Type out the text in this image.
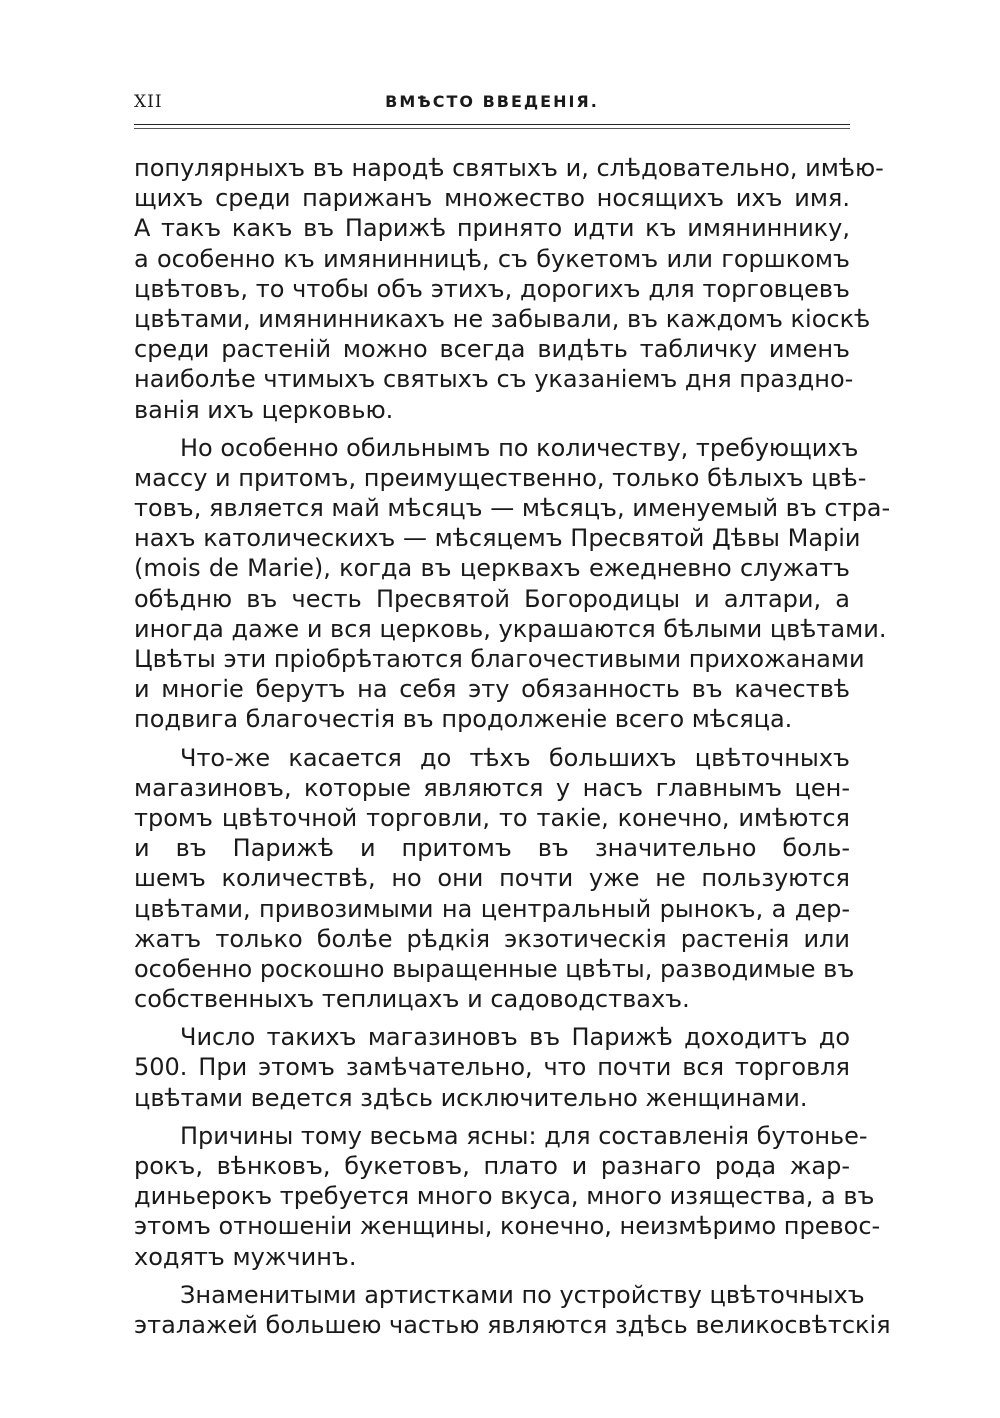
XII	ВМѢСТО ВВЕДЕНІЯ.
популярныхъ въ народѣ святыхъ и, слѣдовательно, имѣю-
щихъ среди парижанъ множество носящихъ ихъ имя.
А такъ какъ въ Парижѣ принято идти къ имяниннику,
а особенно къ имянинницѣ, съ букетомъ или горшкомъ
цвѣтовъ, то чтобы объ этихъ, дорогихъ для торговцевъ
цвѣтами, имянинникахъ не забывали, въ каждомъ кіоскѣ
среди растеній можно всегда видѣть табличку именъ
наиболѣе чтимыхъ святыхъ съ указаніемъ дня праздно-
ванія ихъ церковью.
Но особенно обильнымъ по количеству, требующихъ
массу и притомъ, преимущественно, только бѣлыхъ цвѣ-
товъ, является май мѣсяцъ — мѣсяцъ, именуемый въ стра-
нахъ католическихъ — мѣсяцемъ Пресвятой Дѣвы Маріи
(mois de Marie), когда въ церквахъ ежедневно служатъ
обѣдню въ честь Пресвятой Богородицы и алтари, а
иногда даже и вся церковь, украшаются бѣлыми цвѣтами.
Цвѣты эти пріобрѣтаются благочестивыми прихожанами
и многіе берутъ на себя эту обязанность въ качествѣ
подвига благочестія въ продолженіе всего мѣсяца.
Что-же касается до тѣхъ большихъ цвѣточныхъ
магазиновъ, которые являются у насъ главнымъ цен-
тромъ цвѣточной торговли, то такіе, конечно, имѣются
и въ Парижѣ и притомъ въ значительно боль-
шемъ количествѣ, но они почти уже не пользуются
цвѣтами, привозимыми на центральный рынокъ, а дер-
жатъ только болѣе рѣдкія экзотическія растенія или
особенно роскошно выращенные цвѣты, разводимые въ
собственныхъ теплицахъ и садоводствахъ.
Число такихъ магазиновъ въ Парижѣ доходитъ до
500. При этомъ замѣчательно, что почти вся торговля
цвѣтами ведется здѣсь исключительно женщинами.
Причины тому весьма ясны: для составленія бутонье-
рокъ, вѣнковъ, букетовъ, плато и разнаго рода жар-
диньерокъ требуется много вкуса, много изящества, а въ
этомъ отношеніи женщины, конечно, неизмѣримо превос-
ходятъ мужчинъ.
Знаменитыми артистками по устройству цвѣточныхъ
эталажей большею частью являются здѣсь великосвѣтскія
